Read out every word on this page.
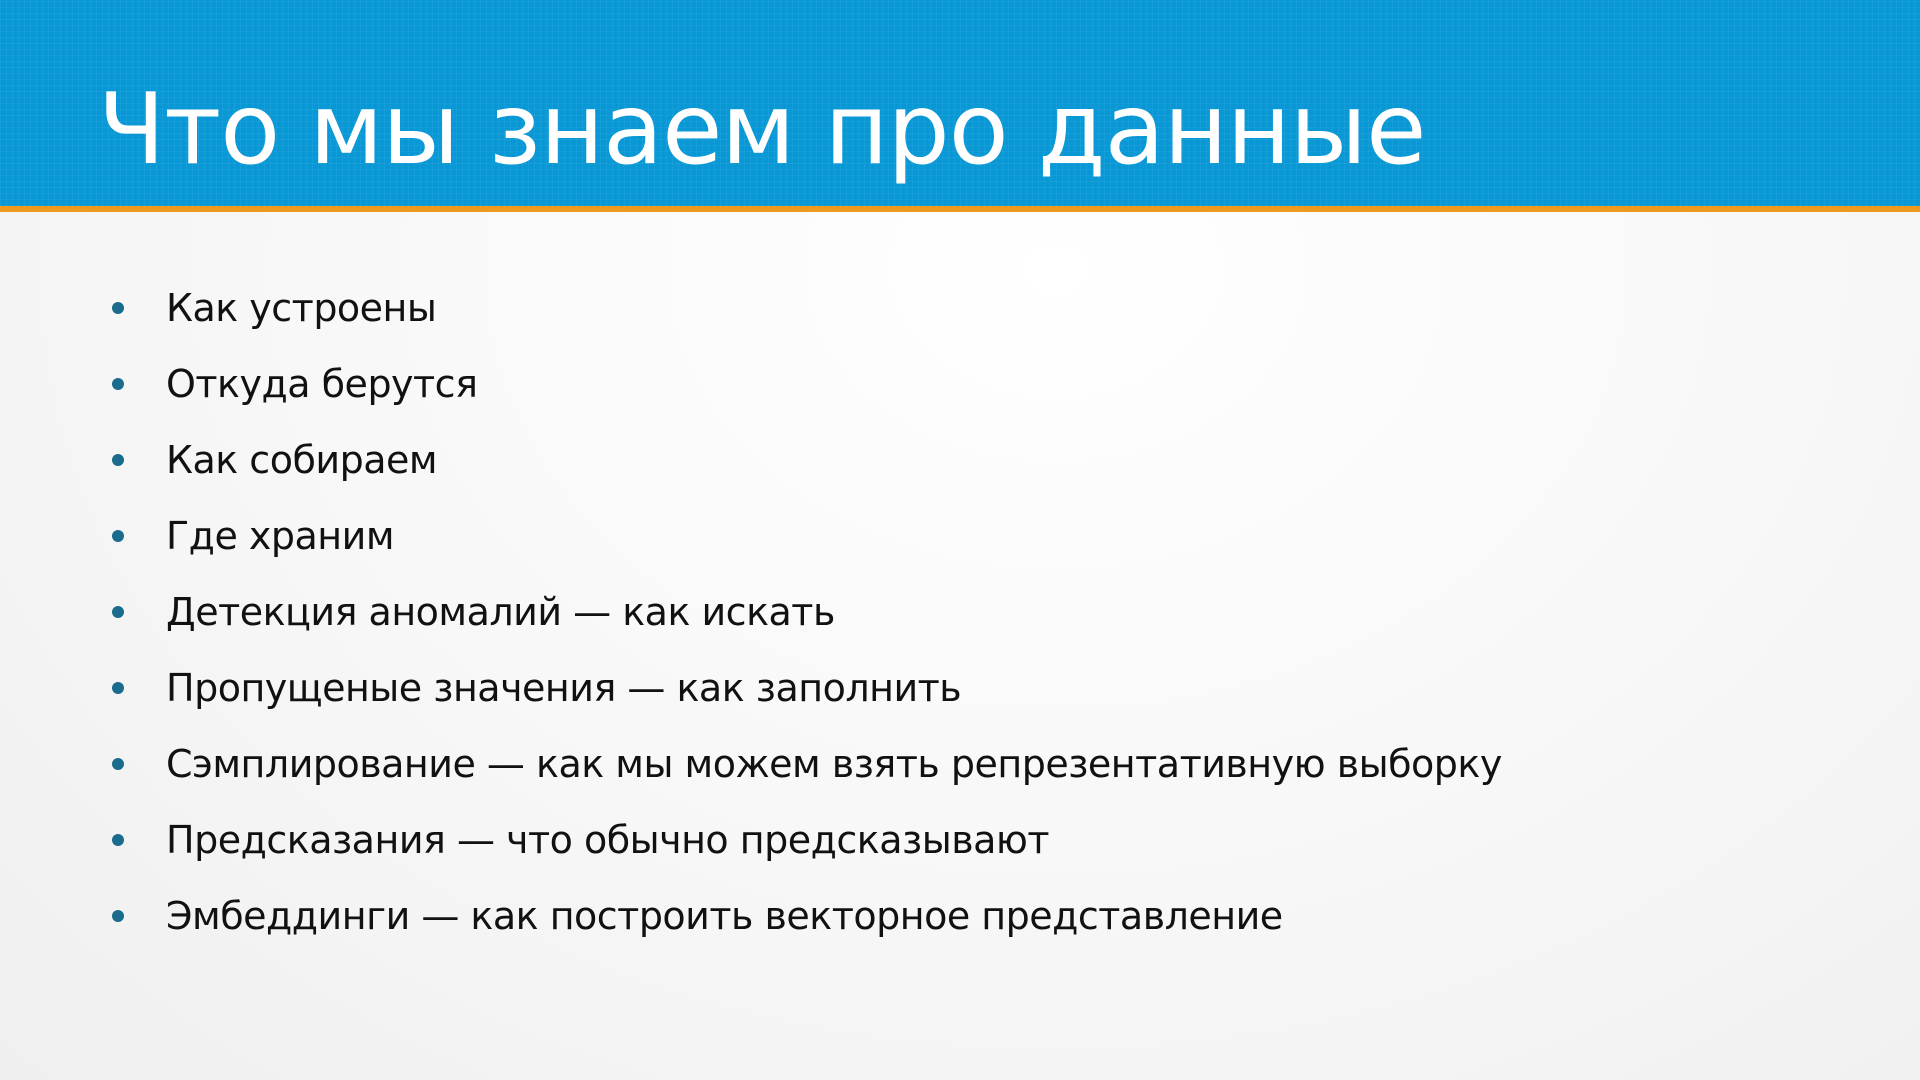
Что мы знаем про данные
Как устроены
Откуда берутся
Как собираем
Где храним
Детекция аномалий — как искать
Пропущеные значения — как заполнить
Сэмплирование — как мы можем взять репрезентативную выборку
Предсказания — что обычно предсказывают
Эмбеддинги — как построить векторное представление
